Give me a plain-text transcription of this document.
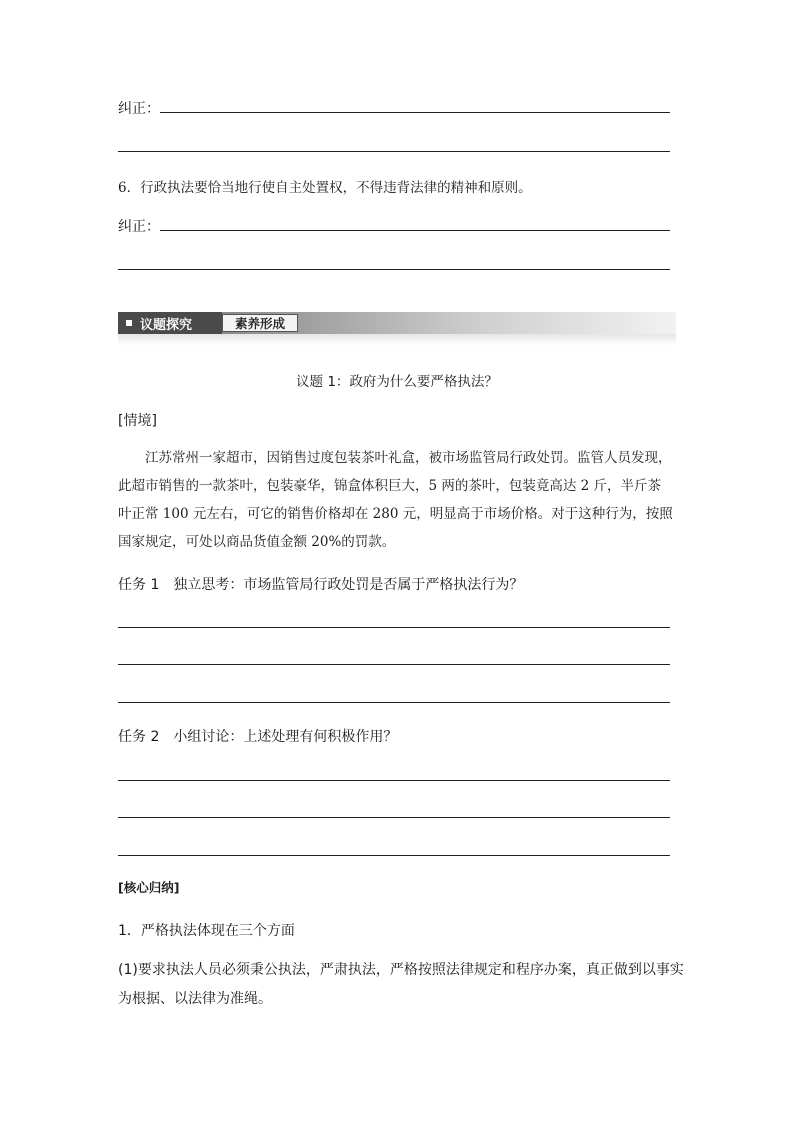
纠正：
6．行政执法要恰当地行使自主处置权，不得违背法律的精神和原则。
纠正：
议题探究	素养形成
议题 1：政府为什么要严格执法？
[情境]
江苏常州一家超市，因销售过度包装茶叶礼盒，被市场监管局行政处罚。监管人员发现，
此超市销售的一款茶叶，包装豪华，锦盒体积巨大，5 两的茶叶，包装竟高达 2 斤，半斤茶
叶正常 100 元左右，可它的销售价格却在 280 元，明显高于市场价格。对于这种行为，按照
国家规定，可处以商品货值金额 20%的罚款。
任务 1　独立思考：市场监管局行政处罚是否属于严格执法行为？
任务 2　小组讨论：上述处理有何积极作用？
[核心归纳]
1．严格执法体现在三个方面
(1)要求执法人员必须秉公执法，严肃执法，严格按照法律规定和程序办案，真正做到以事实
为根据、以法律为准绳。
